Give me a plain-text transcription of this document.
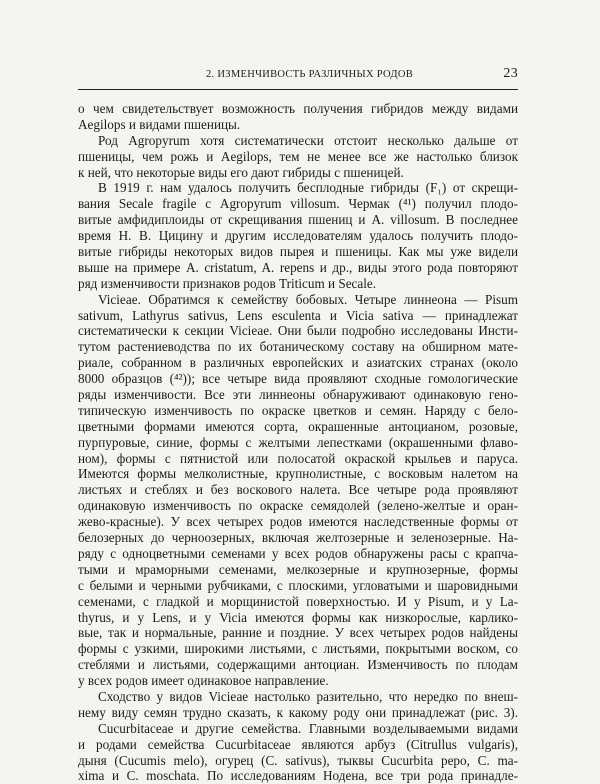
2. ИЗМЕНЧИВОСТЬ РАЗЛИЧНЫХ РОДОВ	23
о чем свидетельствует возможность получения гибридов между видами
Aegilops и видами пшеницы.
Род Agropyrum хотя систематически отстоит несколько дальше от
пшеницы, чем рожь и Aegilops, тем не менее все же настолько близок
к ней, что некоторые виды его дают гибриды с пшеницей.
В 1919 г. нам удалось получить бесплодные гибриды (F₁) от скрещи-
вания Secale fragile с Agropyrum villosum. Чермак (⁴¹) получил плодо-
витые амфидиплоиды от скрещивания пшениц и A. villosum. В последнее
время Н. В. Цицину и другим исследователям удалось получить плодо-
витые гибриды некоторых видов пырея и пшеницы. Как мы уже видели
выше на примере A. cristatum, A. repens и др., виды этого рода повторяют
ряд изменчивости признаков родов Triticum и Secale.
Viсіеае. Обратимся к семейству бобовых. Четыре линнеона — Pisum
sativum, Lathyrus sativus, Lens esculenta и Vicia sativa — принадлежат
систематически к секции Viсіеае. Они были подробно исследованы Инсти-
тутом растениеводства по их ботаническому составу на обширном мате-
риале, собранном в различных европейских и азиатских странах (около
8000 образцов (⁴²)); все четыре вида проявляют сходные гомологические
ряды изменчивости. Все эти линнеоны обнаруживают одинаковую гено-
типическую изменчивость по окраске цветков и семян. Наряду с бело-
цветными формами имеются сорта, окрашенные антоцианом, розовые,
пурпуровые, синие, формы с желтыми лепестками (окрашенными флаво-
ном), формы с пятнистой или полосатой окраской крыльев и паруса.
Имеются формы мелколистные, крупнолистные, с восковым налетом на
листьях и стеблях и без воскового налета. Все четыре рода проявляют
одинаковую изменчивость по окраске семядолей (зелено-желтые и оран-
жево-красные). У всех четырех родов имеются наследственные формы от
белозерных до черноозерных, включая желтозерные и зеленозерные. На-
ряду с одноцветными семенами у всех родов обнаружены расы с крапча-
тыми и мраморными семенами, мелкозерные и крупнозерные, формы
с белыми и черными рубчиками, с плоскими, угловатыми и шаровидными
семенами, с гладкой и морщинистой поверхностью. И у Pisum, и у La-
thyrus, и у Lens, и у Vicia имеются формы как низкорослые, карлико-
вые, так и нормальные, ранние и поздние. У всех четырех родов найдены
формы с узкими, широкими листьями, с листьями, покрытыми воском, со
стеблями и листьями, содержащими антоциан. Изменчивость по плодам
у всех родов имеет одинаковое направление.
Сходство у видов Viсіеае настолько разительно, что нередко по внеш-
нему виду семян трудно сказать, к какому роду они принадлежат (рис. 3).
Cucurbitaceae и другие семейства. Главными возделываемыми видами
и родами семейства Cucurbitaceae являются арбуз (Citrullus vulgaris),
дыня (Cucumis melo), огурец (C. sativus), тыквы Cucurbita pepo, C. ma-
xima и C. moschata. По исследованиям Нодена, все три рода принадле-
